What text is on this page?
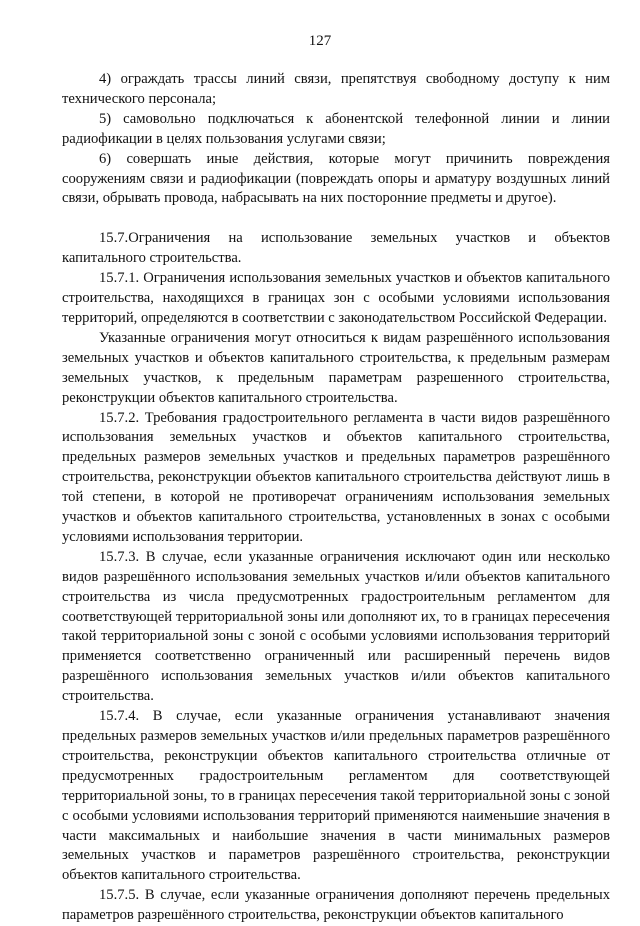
127

4) ограждать трассы линий связи, препятствуя свободному доступу к ним технического персонала;

5) самовольно подключаться к абонентской телефонной линии и линии радиофикации в целях пользования услугами связи;

6) совершать иные действия, которые могут причинить повреждения сооружениям связи и радиофикации (повреждать опоры и арматуру воздушных линий связи, обрывать провода, набрасывать на них посторонние предметы и другое).

15.7.Ограничения на использование земельных участков и объектов капитального строительства.

15.7.1. Ограничения использования земельных участков и объектов капитального строительства, находящихся в границах зон с особыми условиями использования территорий, определяются в соответствии с законодательством Российской Федерации.

Указанные ограничения могут относиться к видам разрешённого использования земельных участков и объектов капитального строительства, к предельным размерам земельных участков, к предельным параметрам разрешенного строительства, реконструкции объектов капитального строительства.

15.7.2. Требования градостроительного регламента в части видов разрешённого использования земельных участков и объектов капитального строительства, предельных размеров земельных участков и предельных параметров разрешённого строительства, реконструкции объектов капитального строительства действуют лишь в той степени, в которой не противоречат ограничениям использования земельных участков и объектов капитального строительства, установленных в зонах с особыми условиями использования территории.

15.7.3. В случае, если указанные ограничения исключают один или несколько видов разрешённого использования земельных участков и/или объектов капитального строительства из числа предусмотренных градостроительным регламентом для соответствующей территориальной зоны или дополняют их, то в границах пересечения такой территориальной зоны с зоной с особыми условиями использования территорий применяется соответственно ограниченный или расширенный перечень видов разрешённого использования земельных участков и/или объектов капитального строительства.

15.7.4. В случае, если указанные ограничения устанавливают значения предельных размеров земельных участков и/или предельных параметров разрешённого строительства, реконструкции объектов капитального строительства отличные от предусмотренных градостроительным регламентом для соответствующей территориальной зоны, то в границах пересечения такой территориальной зоны с зоной с особыми условиями использования территорий применяются наименьшие значения в части максимальных и наибольшие значения в части минимальных размеров земельных участков и параметров разрешённого строительства, реконструкции объектов капитального строительства.

15.7.5. В случае, если указанные ограничения дополняют перечень предельных параметров разрешённого строительства, реконструкции объектов капитального
